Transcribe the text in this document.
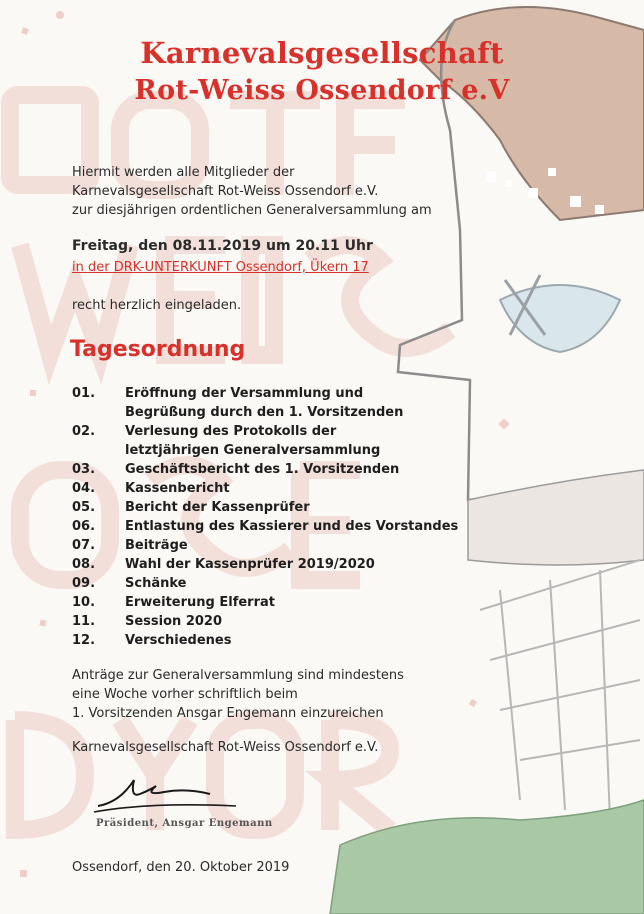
Karnevalsgesellschaft
Rot-Weiss Ossendorf e.V
Hiermit werden alle Mitglieder der
Karnevalsgesellschaft Rot-Weiss Ossendorf e.V.
zur diesjährigen ordentlichen Generalversammlung am
Freitag, den 08.11.2019 um 20.11 Uhr
in der DRK-UNTERKUNFT Ossendorf, Ükern 17
recht herzlich eingeladen.
Tagesordnung
01.	Eröffnung der Versammlung und
Begrüßung durch den 1. Vorsitzenden
02.	Verlesung des Protokolls der
letztjährigen Generalversammlung
03.	Geschäftsbericht des 1. Vorsitzenden
04.	Kassenbericht
05.	Bericht der Kassenprüfer
06.	Entlastung des Kassierer und des Vorstandes
07.	Beiträge
08.	Wahl der Kassenprüfer 2019/2020
09.	Schänke
10.	Erweiterung Elferrat
11.	Session 2020
12.	Verschiedenes
Anträge zur Generalversammlung sind mindestens
eine Woche vorher schriftlich beim
1. Vorsitzenden Ansgar Engemann einzureichen
Karnevalsgesellschaft Rot-Weiss Ossendorf e.V.
Präsident, Ansgar Engemann
Ossendorf, den 20. Oktober 2019
